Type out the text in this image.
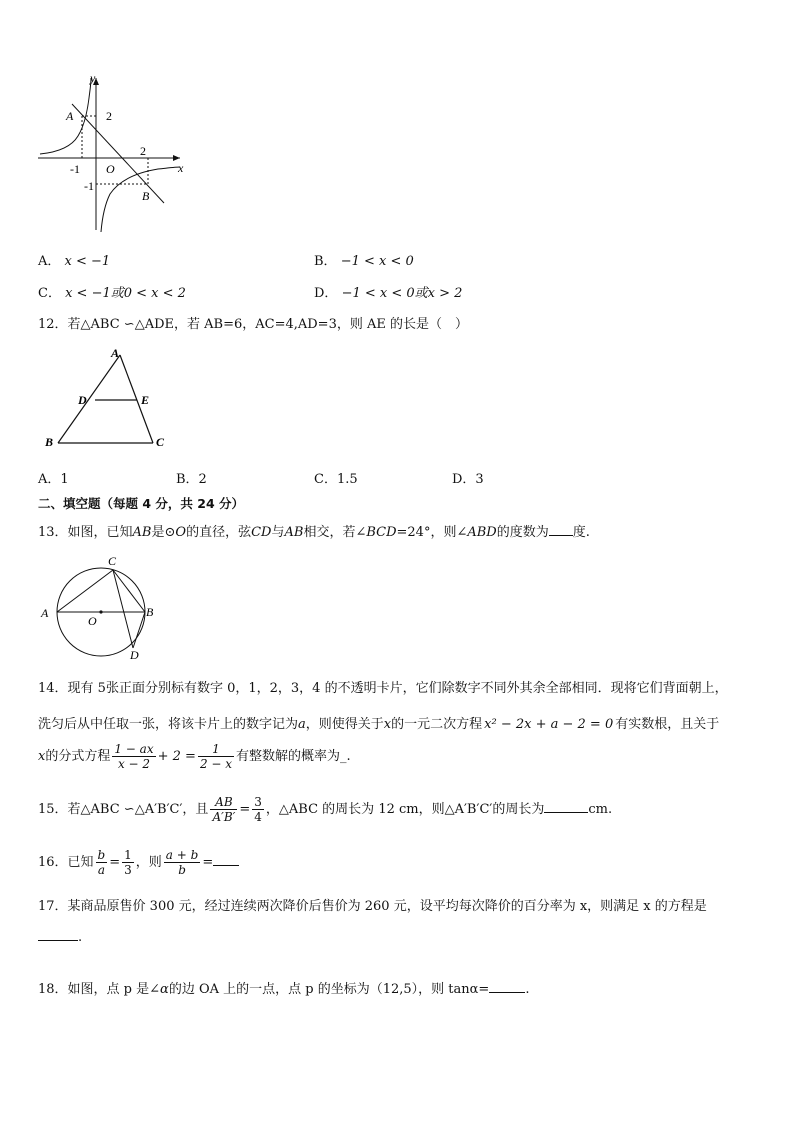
y
x
O
A
B
2
-1
-1
2
A． x < −1	B． −1 < x < 0
C． x < −1或0 < x < 2	D． −1 < x < 0或x > 2
12．若△ABC ∽△ADE，若 AB=6，AC=4,AD=3，则 AE 的长是（　）
A
D	E
B	C
A．1	B．2	C．1.5	D．3
二、填空题（每题 4 分，共 24 分）
13．如图，已知AB是⊙O的直径，弦CD与AB相交，若∠BCD=24°，则∠ABD的度数为 度.
A	B
C
D
O
14．现有 5张正面分别标有数字 0，1，2，3，4 的不透明卡片，它们除数字不同外其余全部相同．现将它们背面朝上，
洗匀后从中任取一张，将该卡片上的数字记为a，则使得关于x的一元二次方程 x² − 2x + a − 2 = 0 有实数根，且关于
x的分式方程 $\frac{1 - ax}{x - 2} + 2 = \frac{1}{2 - x}$ 有整数解的概率为_.
15．若△ABC ∽△A′B′C′，且 $\frac{AB}{A'B'} = \frac{3}{4}$ ，△ABC 的周长为 12 cm，则△A′B′C′的周长为	cm.
16．已知 $\frac{b}{a} = \frac{1}{3}$ ，则 $\frac{a + b}{b}$ =
17．某商品原售价 300 元，经过连续两次降价后售价为 260 元，设平均每次降价的百分率为 x，则满足 x 的方程是
.
18．如图，点 p 是∠α的边 OA 上的一点，点 p 的坐标为（12,5），则 tanα=	.
